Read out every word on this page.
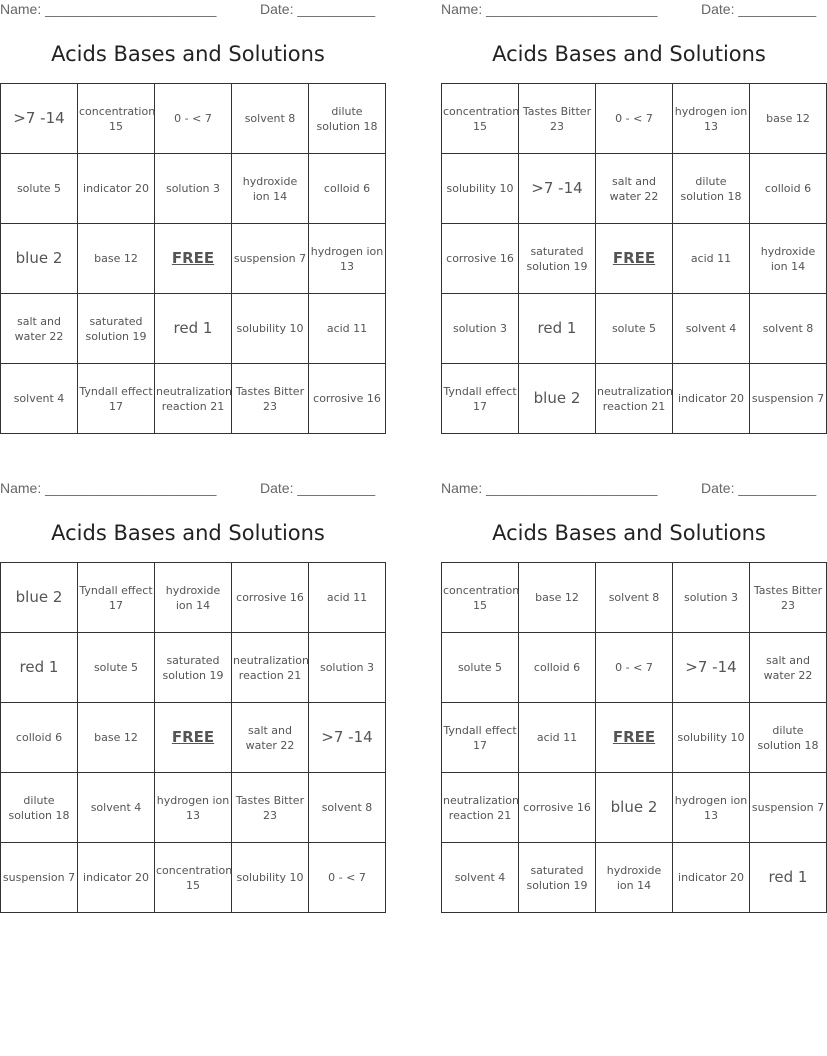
Name: ______________________	Date: __________
Acids Bases and Solutions
>7 -14	concentration 15	0 - < 7	solvent 8	dilute solution 18
solute 5	indicator 20	solution 3	hydroxide ion 14	colloid 6
blue 2	base 12	FREE	suspension 7	hydrogen ion 13
salt and water 22	saturated solution 19	red 1	solubility 10	acid 11
solvent 4	Tyndall effect 17	neutralization reaction 21	Tastes Bitter 23	corrosive 16
Name: ______________________	Date: __________
Acids Bases and Solutions
concentration 15	Tastes Bitter 23	0 - < 7	hydrogen ion 13	base 12
solubility 10	>7 -14	salt and water 22	dilute solution 18	colloid 6
corrosive 16	saturated solution 19	FREE	acid 11	hydroxide ion 14
solution 3	red 1	solute 5	solvent 4	solvent 8
Tyndall effect 17	blue 2	neutralization reaction 21	indicator 20	suspension 7
Name: ______________________	Date: __________
Acids Bases and Solutions
blue 2	Tyndall effect 17	hydroxide ion 14	corrosive 16	acid 11
red 1	solute 5	saturated solution 19	neutralization reaction 21	solution 3
colloid 6	base 12	FREE	salt and water 22	>7 -14
dilute solution 18	solvent 4	hydrogen ion 13	Tastes Bitter 23	solvent 8
suspension 7	indicator 20	concentration 15	solubility 10	0 - < 7
Name: ______________________	Date: __________
Acids Bases and Solutions
concentration 15	base 12	solvent 8	solution 3	Tastes Bitter 23
solute 5	colloid 6	0 - < 7	>7 -14	salt and water 22
Tyndall effect 17	acid 11	FREE	solubility 10	dilute solution 18
neutralization reaction 21	corrosive 16	blue 2	hydrogen ion 13	suspension 7
solvent 4	saturated solution 19	hydroxide ion 14	indicator 20	red 1
